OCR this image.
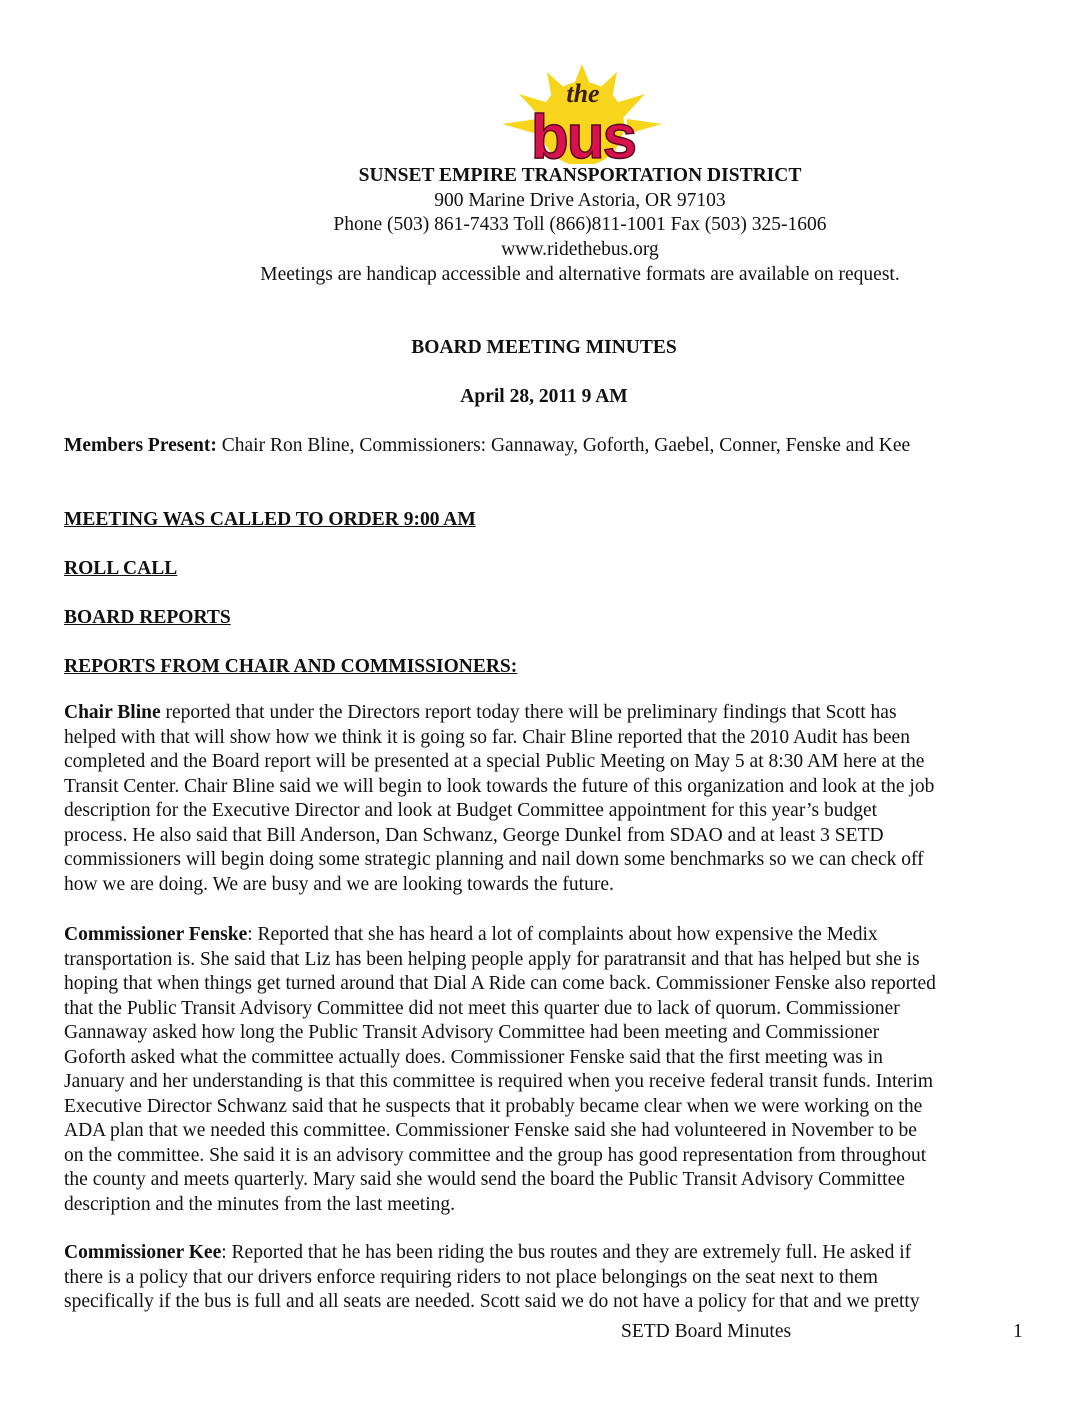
the
bus
SUNSET EMPIRE TRANSPORTATION DISTRICT
900 Marine Drive Astoria, OR 97103
Phone (503) 861-7433 Toll (866)811-1001 Fax (503) 325-1606
www.ridethebus.org
Meetings are handicap accessible and alternative formats are available on request.
BOARD MEETING MINUTES
April 28, 2011 9 AM
Members Present: Chair Ron Bline, Commissioners: Gannaway, Goforth, Gaebel, Conner, Fenske and Kee
MEETING WAS CALLED TO ORDER 9:00 AM
ROLL CALL
BOARD REPORTS
REPORTS FROM CHAIR AND COMMISSIONERS:
Chair Bline reported that under the Directors report today there will be preliminary findings that Scott has
helped with that will show how we think it is going so far. Chair Bline reported that the 2010 Audit has been
completed and the Board report will be presented at a special Public Meeting on May 5 at 8:30 AM here at the
Transit Center. Chair Bline said we will begin to look towards the future of this organization and look at the job
description for the Executive Director and look at Budget Committee appointment for this year’s budget
process. He also said that Bill Anderson, Dan Schwanz, George Dunkel from SDAO and at least 3 SETD
commissioners will begin doing some strategic planning and nail down some benchmarks so we can check off
how we are doing. We are busy and we are looking towards the future.
Commissioner Fenske: Reported that she has heard a lot of complaints about how expensive the Medix
transportation is. She said that Liz has been helping people apply for paratransit and that has helped but she is
hoping that when things get turned around that Dial A Ride can come back. Commissioner Fenske also reported
that the Public Transit Advisory Committee did not meet this quarter due to lack of quorum. Commissioner
Gannaway asked how long the Public Transit Advisory Committee had been meeting and Commissioner
Goforth asked what the committee actually does. Commissioner Fenske said that the first meeting was in
January and her understanding is that this committee is required when you receive federal transit funds. Interim
Executive Director Schwanz said that he suspects that it probably became clear when we were working on the
ADA plan that we needed this committee. Commissioner Fenske said she had volunteered in November to be
on the committee. She said it is an advisory committee and the group has good representation from throughout
the county and meets quarterly. Mary said she would send the board the Public Transit Advisory Committee
description and the minutes from the last meeting.
Commissioner Kee: Reported that he has been riding the bus routes and they are extremely full. He asked if
there is a policy that our drivers enforce requiring riders to not place belongings on the seat next to them
specifically if the bus is full and all seats are needed. Scott said we do not have a policy for that and we pretty
SETD Board Minutes	1
